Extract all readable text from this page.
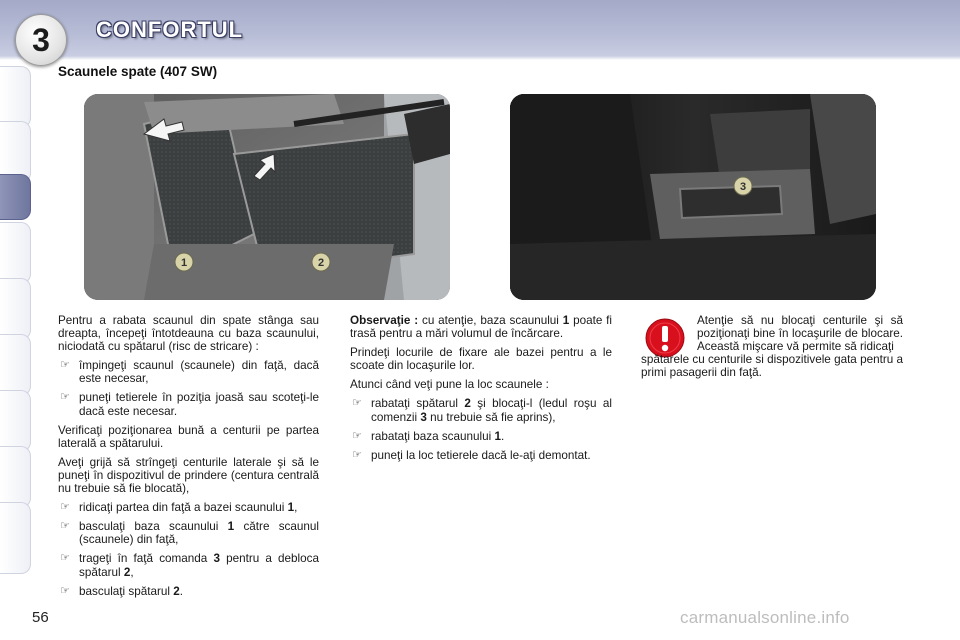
3 CONFORTUL
Scaunele spate (407 SW)
1	2
3

Pentru a rabata scaunul din spate stânga sau dreapta, începeţi întotdeauna cu baza scaunului, niciodată cu spătarul (risc de stricare) :

☞ împingeţi scaunul (scaunele) din faţă, dacă este necesar,
☞ puneţi tetierele în poziţia joasă sau scoteţi-le dacă este necesar.

Verificaţi poziţionarea bună a centurii pe partea laterală a spătarului.

Aveţi grijă să strîngeţi centurile laterale şi să le puneţi în dispozitivul de prindere (centura centrală nu trebuie să fie blocată),

☞ ridicaţi partea din faţă a bazei scaunului 1,
☞ basculaţi baza scaunului 1 către scaunul (scaunele) din faţă,
☞ trageţi în faţă comanda 3 pentru a debloca spătarul 2,
☞ basculaţi spătarul 2.

Observaţie : cu atenţie, baza scaunului 1 poate fi trasă pentru a mări volumul de încărcare.

Prindeţi locurile de fixare ale bazei pentru a le scoate din locaşurile lor.

Atunci când veţi pune la loc scaunele :

☞ rabataţi spătarul 2 şi blocaţi-l (ledul roşu al comenzii 3 nu trebuie să fie aprins),
☞ rabataţi baza scaunului 1.
☞ puneţi la loc tetierele dacă le-aţi demontat.
Atenţie să nu blocaţi centurile şi să poziţionaţi bine în locaşurile de blocare. Această mişcare vă permite să ridicaţi
spătarele cu centurile si dispozitivele gata pentru a primi pasagerii din faţă.
56	carmanualsonline.info
